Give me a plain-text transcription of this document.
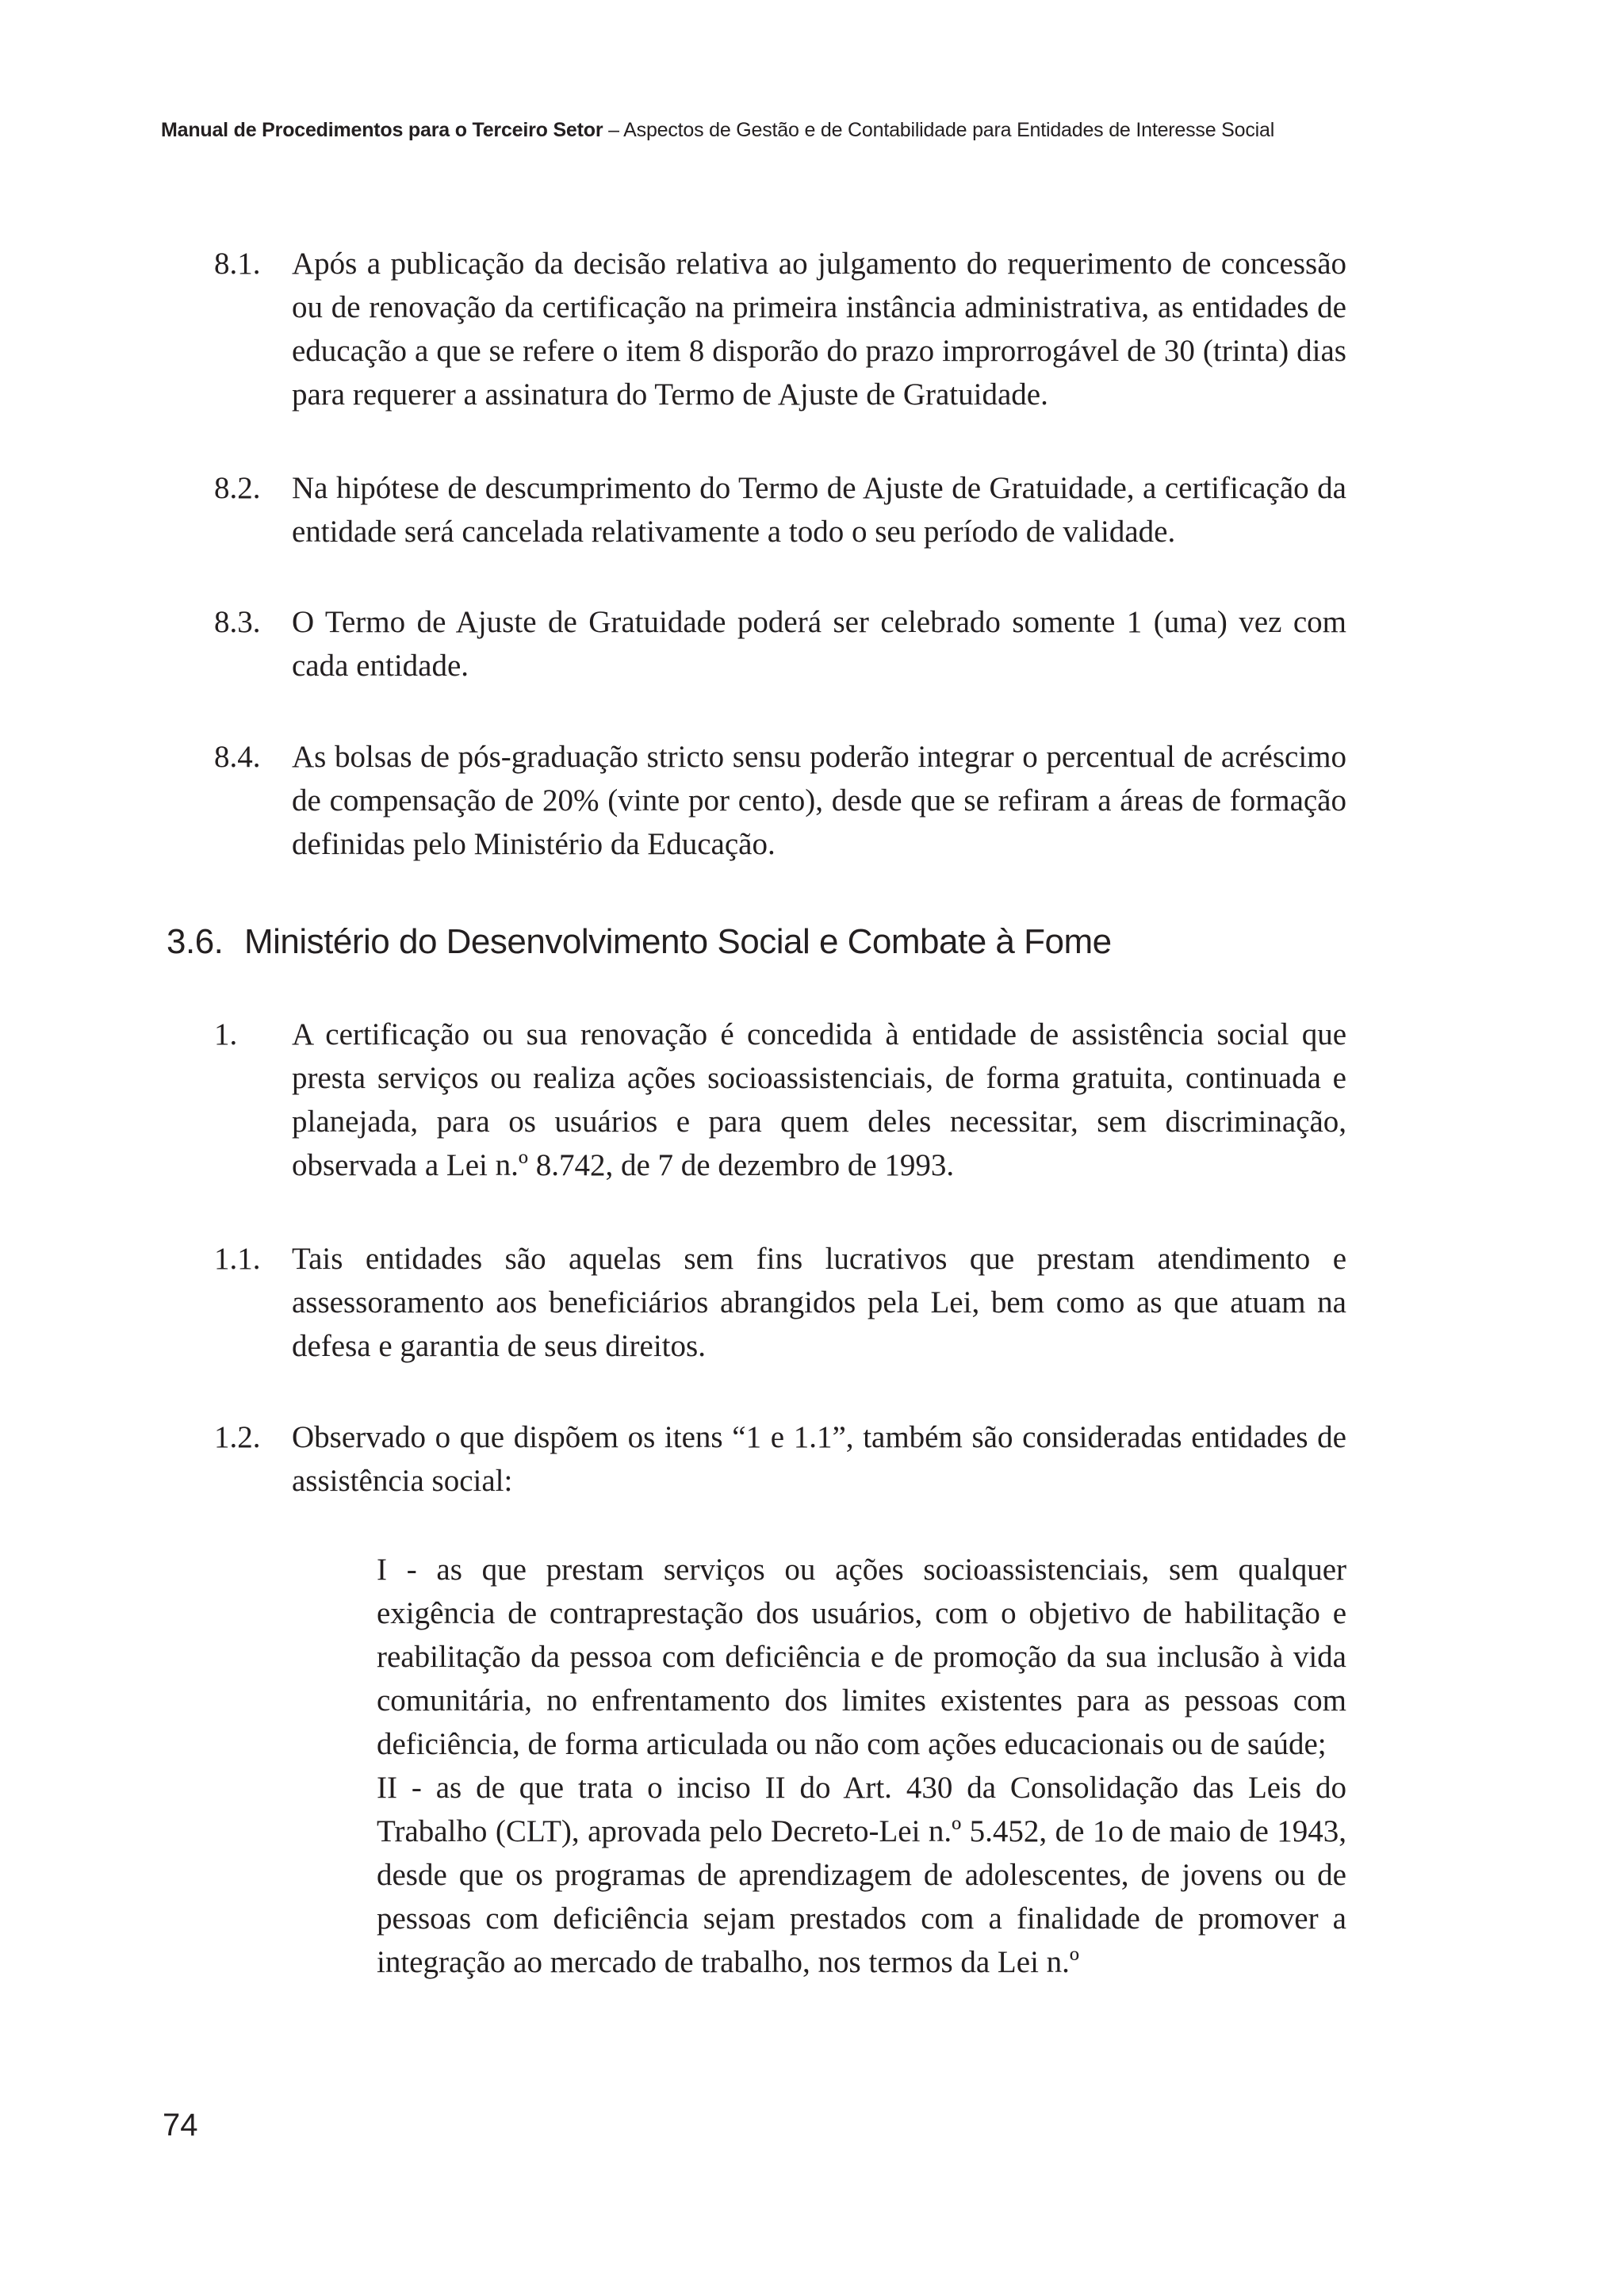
Manual de Procedimentos para o Terceiro Setor – Aspectos de Gestão e de Contabilidade para Entidades de Interesse Social
8.1.	Após a publicação da decisão relativa ao julgamento do requerimento de concessão ou de renovação da certificação na primeira instância administrativa, as entidades de educação a que se refere o item 8 disporão do prazo improrrogável de 30 (trinta) dias para requerer a assinatura do Termo de Ajuste de Gratuidade.
8.2.	Na hipótese de descumprimento do Termo de Ajuste de Gratuidade, a certificação da entidade será cancelada relativamente a todo o seu período de validade.
8.3.	O Termo de Ajuste de Gratuidade poderá ser celebrado somente 1 (uma) vez com cada entidade.
8.4.	As bolsas de pós-graduação stricto sensu poderão integrar o percentual de acréscimo de compensação de 20% (vinte por cento), desde que se refiram a áreas de formação definidas pelo Ministério da Educação.
3.6. Ministério do Desenvolvimento Social e Combate à Fome
1.	A certificação ou sua renovação é concedida à entidade de assistência social que presta serviços ou realiza ações socioassistenciais, de forma gratuita, continuada e planejada, para os usuários e para quem deles necessitar, sem discriminação, observada a Lei n.º 8.742, de 7 de dezembro de 1993.
1.1.	Tais entidades são aquelas sem fins lucrativos que prestam atendimento e assessoramento aos beneficiários abrangidos pela Lei, bem como as que atuam na defesa e garantia de seus direitos.
1.2.	Observado o que dispõem os itens “1 e 1.1”, também são consideradas entidades de assistência social:

I - as que prestam serviços ou ações socioassistenciais, sem qualquer exigência de contraprestação dos usuários, com o objetivo de habilitação e reabilitação da pessoa com deficiência e de promoção da sua inclusão à vida comunitária, no enfrentamento dos limites existentes para as pessoas com deficiência, de forma articulada ou não com ações educacionais ou de saúde;

II - as de que trata o inciso II do Art. 430 da Consolidação das Leis do Trabalho (CLT), aprovada pelo Decreto-Lei n.º 5.452, de 1o de maio de 1943, desde que os programas de aprendizagem de adolescentes, de jovens ou de pessoas com deficiência sejam prestados com a finalidade de promover a integração ao mercado de trabalho, nos termos da Lei n.º

74
